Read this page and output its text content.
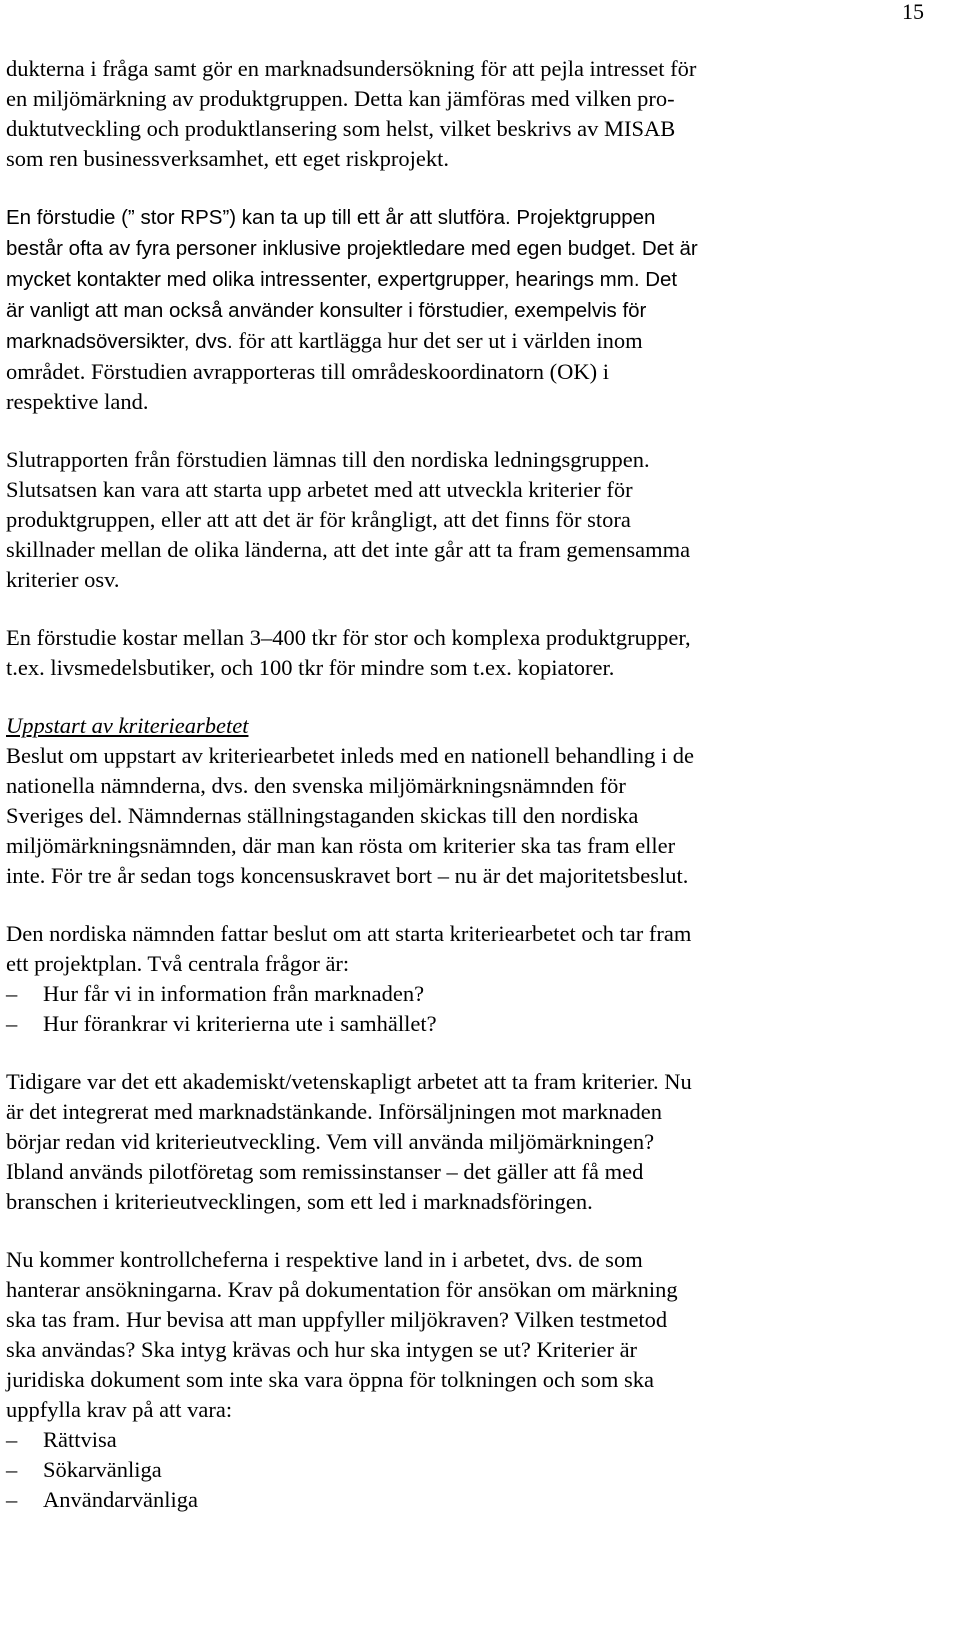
15

dukterna i fråga samt gör en marknadsundersökning för att pejla intresset för
en miljömärkning av produktgruppen. Detta kan jämföras med vilken pro-
duktutveckling och produktlansering som helst, vilket beskrivs av MISAB
som ren businessverksamhet, ett eget riskprojekt.

En förstudie (” stor RPS”) kan ta up till ett år att slutföra. Projektgruppen
består ofta av fyra personer inklusive projektledare med egen budget. Det är
mycket kontakter med olika intressenter, expertgrupper, hearings mm. Det
är vanligt att man också använder konsulter i förstudier, exempelvis för
marknadsöversikter, dvs. för att kartlägga hur det ser ut i världen inom
området. Förstudien avrapporteras till områdeskoordinatorn (OK) i
respektive land.

Slutrapporten från förstudien lämnas till den nordiska ledningsgruppen.
Slutsatsen kan vara att starta upp arbetet med att utveckla kriterier för
produktgruppen, eller att att det är för krångligt, att det finns för stora
skillnader mellan de olika länderna, att det inte går att ta fram gemensamma
kriterier osv.

En förstudie kostar mellan 3–400 tkr för stor och komplexa produktgrupper,
t.ex. livsmedelsbutiker, och 100 tkr för mindre som t.ex. kopiatorer.

Uppstart av kriteriearbetet

Beslut om uppstart av kriteriearbetet inleds med en nationell behandling i de
nationella nämnderna, dvs. den svenska miljömärkningsnämnden för
Sveriges del. Nämndernas ställningstaganden skickas till den nordiska
miljömärkningsnämnden, där man kan rösta om kriterier ska tas fram eller
inte. För tre år sedan togs koncensuskravet bort – nu är det majoritetsbeslut.

Den nordiska nämnden fattar beslut om att starta kriteriearbetet och tar fram
ett projektplan. Två centrala frågor är:

–	Hur får vi in information från marknaden?
–	Hur förankrar vi kriterierna ute i samhället?

Tidigare var det ett akademiskt/vetenskapligt arbetet att ta fram kriterier. Nu
är det integrerat med marknadstänkande. Införsäljningen mot marknaden
börjar redan vid kriterieutveckling. Vem vill använda miljömärkningen?
Ibland används pilotföretag som remissinstanser – det gäller att få med
branschen i kriterieutvecklingen, som ett led i marknadsföringen.

Nu kommer kontrollcheferna i respektive land in i arbetet, dvs. de som
hanterar ansökningarna. Krav på dokumentation för ansökan om märkning
ska tas fram. Hur bevisa att man uppfyller miljökraven? Vilken testmetod
ska användas? Ska intyg krävas och hur ska intygen se ut? Kriterier är
juridiska dokument som inte ska vara öppna för tolkningen och som ska
uppfylla krav på att vara:

–	Rättvisa
–	Sökarvänliga
–	Användarvänliga
